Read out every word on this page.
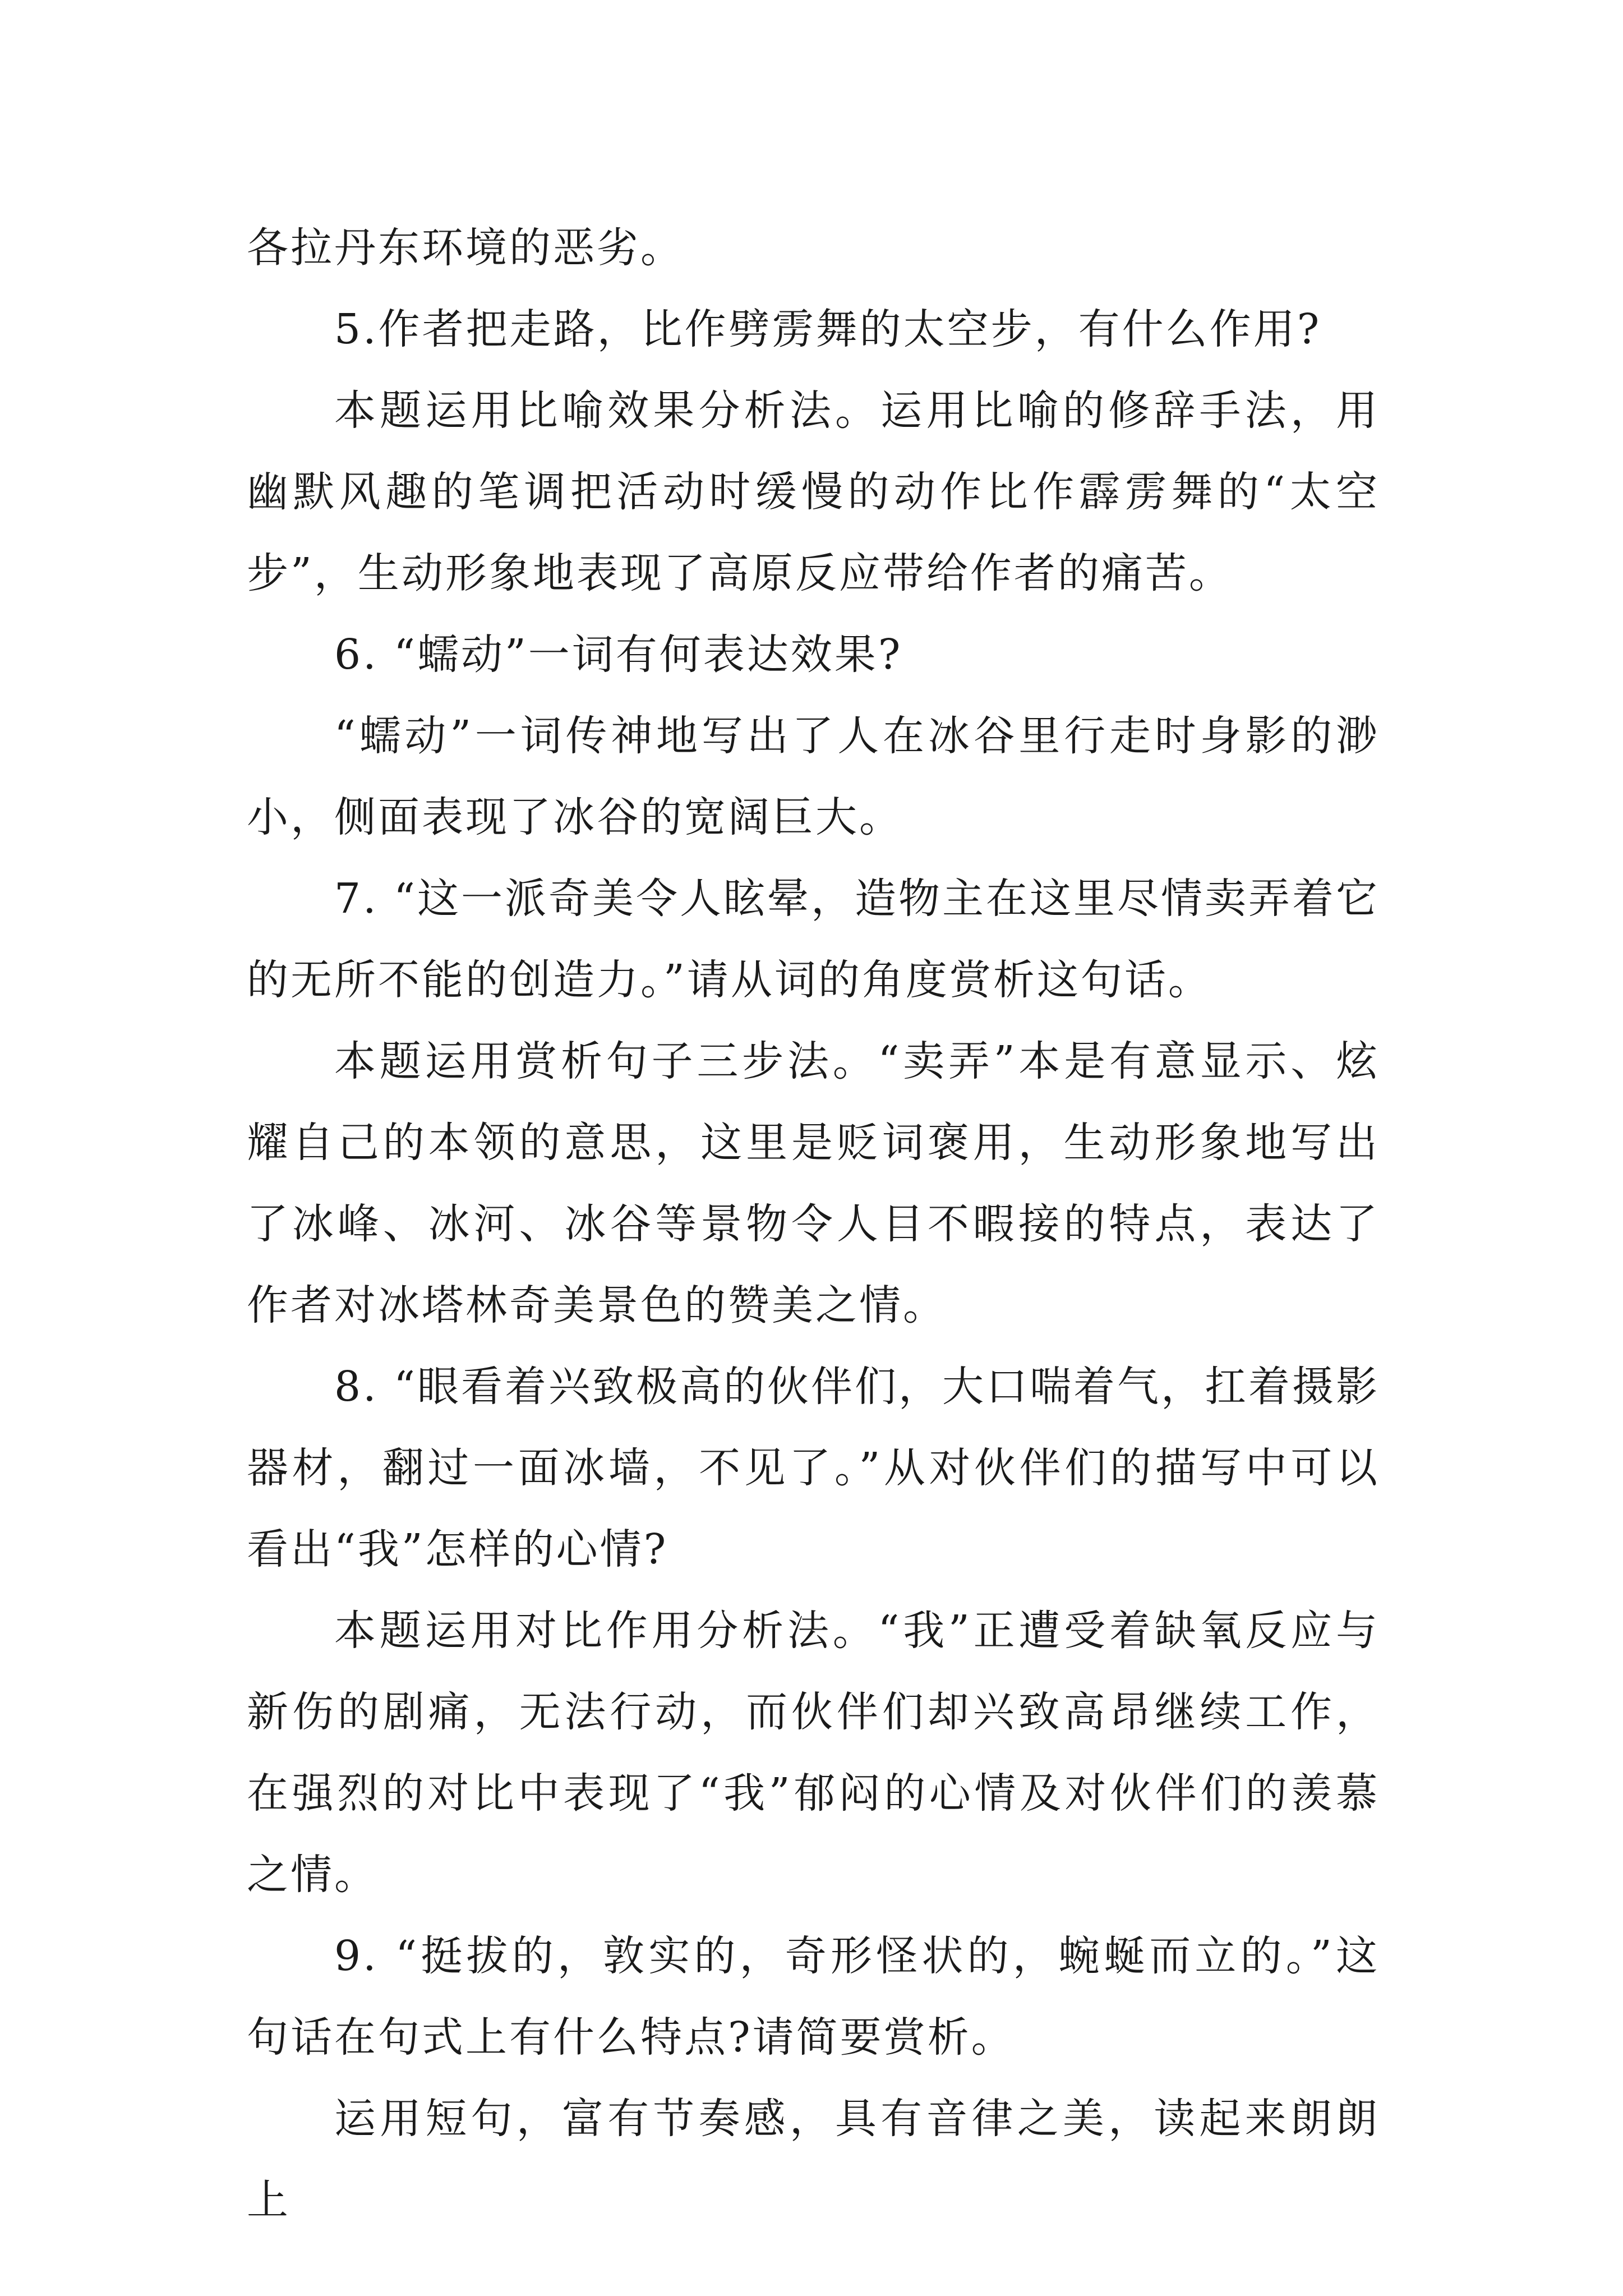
各拉丹东环境的恶劣。

5.作者把走路，比作劈雳舞的太空步，有什么作用?

本题运用比喻效果分析法。运用比喻的修辞手法，用幽默风趣的笔调把活动时缓慢的动作比作霹雳舞的“太空步”，生动形象地表现了高原反应带给作者的痛苦。

6. “蠕动”一词有何表达效果?

“蠕动”一词传神地写出了人在冰谷里行走时身影的渺小，侧面表现了冰谷的宽阔巨大。

7. “这一派奇美令人眩晕，造物主在这里尽情卖弄着它的无所不能的创造力。”请从词的角度赏析这句话。

本题运用赏析句子三步法。“卖弄”本是有意显示、炫耀自己的本领的意思，这里是贬词褒用，生动形象地写出了冰峰、冰河、冰谷等景物令人目不暇接的特点，表达了作者对冰塔林奇美景色的赞美之情。

8. “眼看着兴致极高的伙伴们，大口喘着气，扛着摄影器材，翻过一面冰墙，不见了。”从对伙伴们的描写中可以看出“我”怎样的心情?

本题运用对比作用分析法。“我”正遭受着缺氧反应与新伤的剧痛，无法行动，而伙伴们却兴致高昂继续工作，在强烈的对比中表现了“我”郁闷的心情及对伙伴们的羡慕之情。

9. “挺拔的，敦实的，奇形怪状的，蜿蜒而立的。”这句话在句式上有什么特点?请简要赏析。

运用短句，富有节奏感，具有音律之美，读起来朗朗上
